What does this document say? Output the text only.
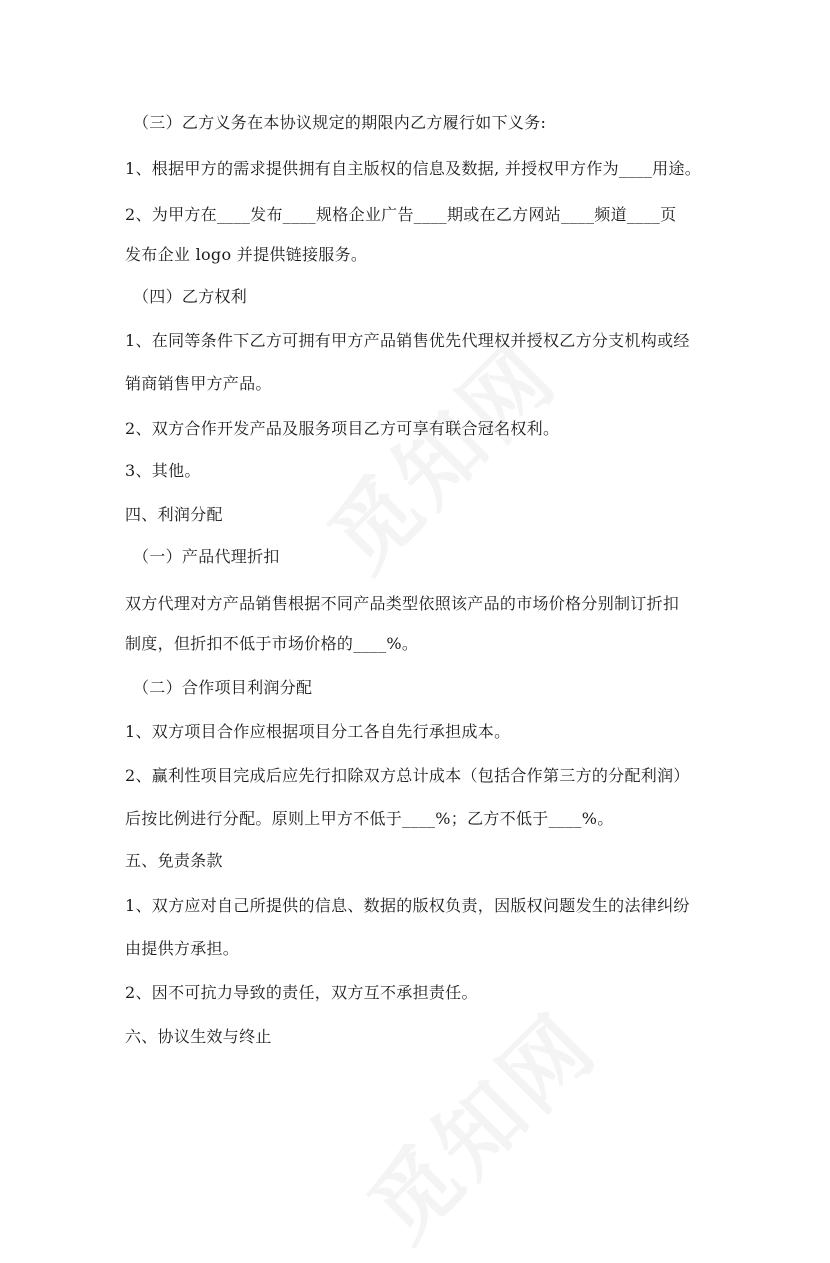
（三）乙方义务在本协议规定的期限内乙方履行如下义务:
1、根据甲方的需求提供拥有自主版权的信息及数据, 并授权甲方作为____用途。
2、为甲方在____发布____规格企业广告____期或在乙方网站____频道____页
发布企业 logo 并提供链接服务。
（四）乙方权利
1、在同等条件下乙方可拥有甲方产品销售优先代理权并授权乙方分支机构或经
销商销售甲方产品。
2、双方合作开发产品及服务项目乙方可享有联合冠名权利。
3、其他。
四、利润分配
（一）产品代理折扣
双方代理对方产品销售根据不同产品类型依照该产品的市场价格分别制订折扣
制度，但折扣不低于市场价格的____%。
（二）合作项目利润分配
1、双方项目合作应根据项目分工各自先行承担成本。
2、赢利性项目完成后应先行扣除双方总计成本（包括合作第三方的分配利润）
后按比例进行分配。原则上甲方不低于____%；乙方不低于____%。
五、免责条款
1、双方应对自己所提供的信息、数据的版权负责，因版权问题发生的法律纠纷
由提供方承担。
2、因不可抗力导致的责任，双方互不承担责任。
六、协议生效与终止
